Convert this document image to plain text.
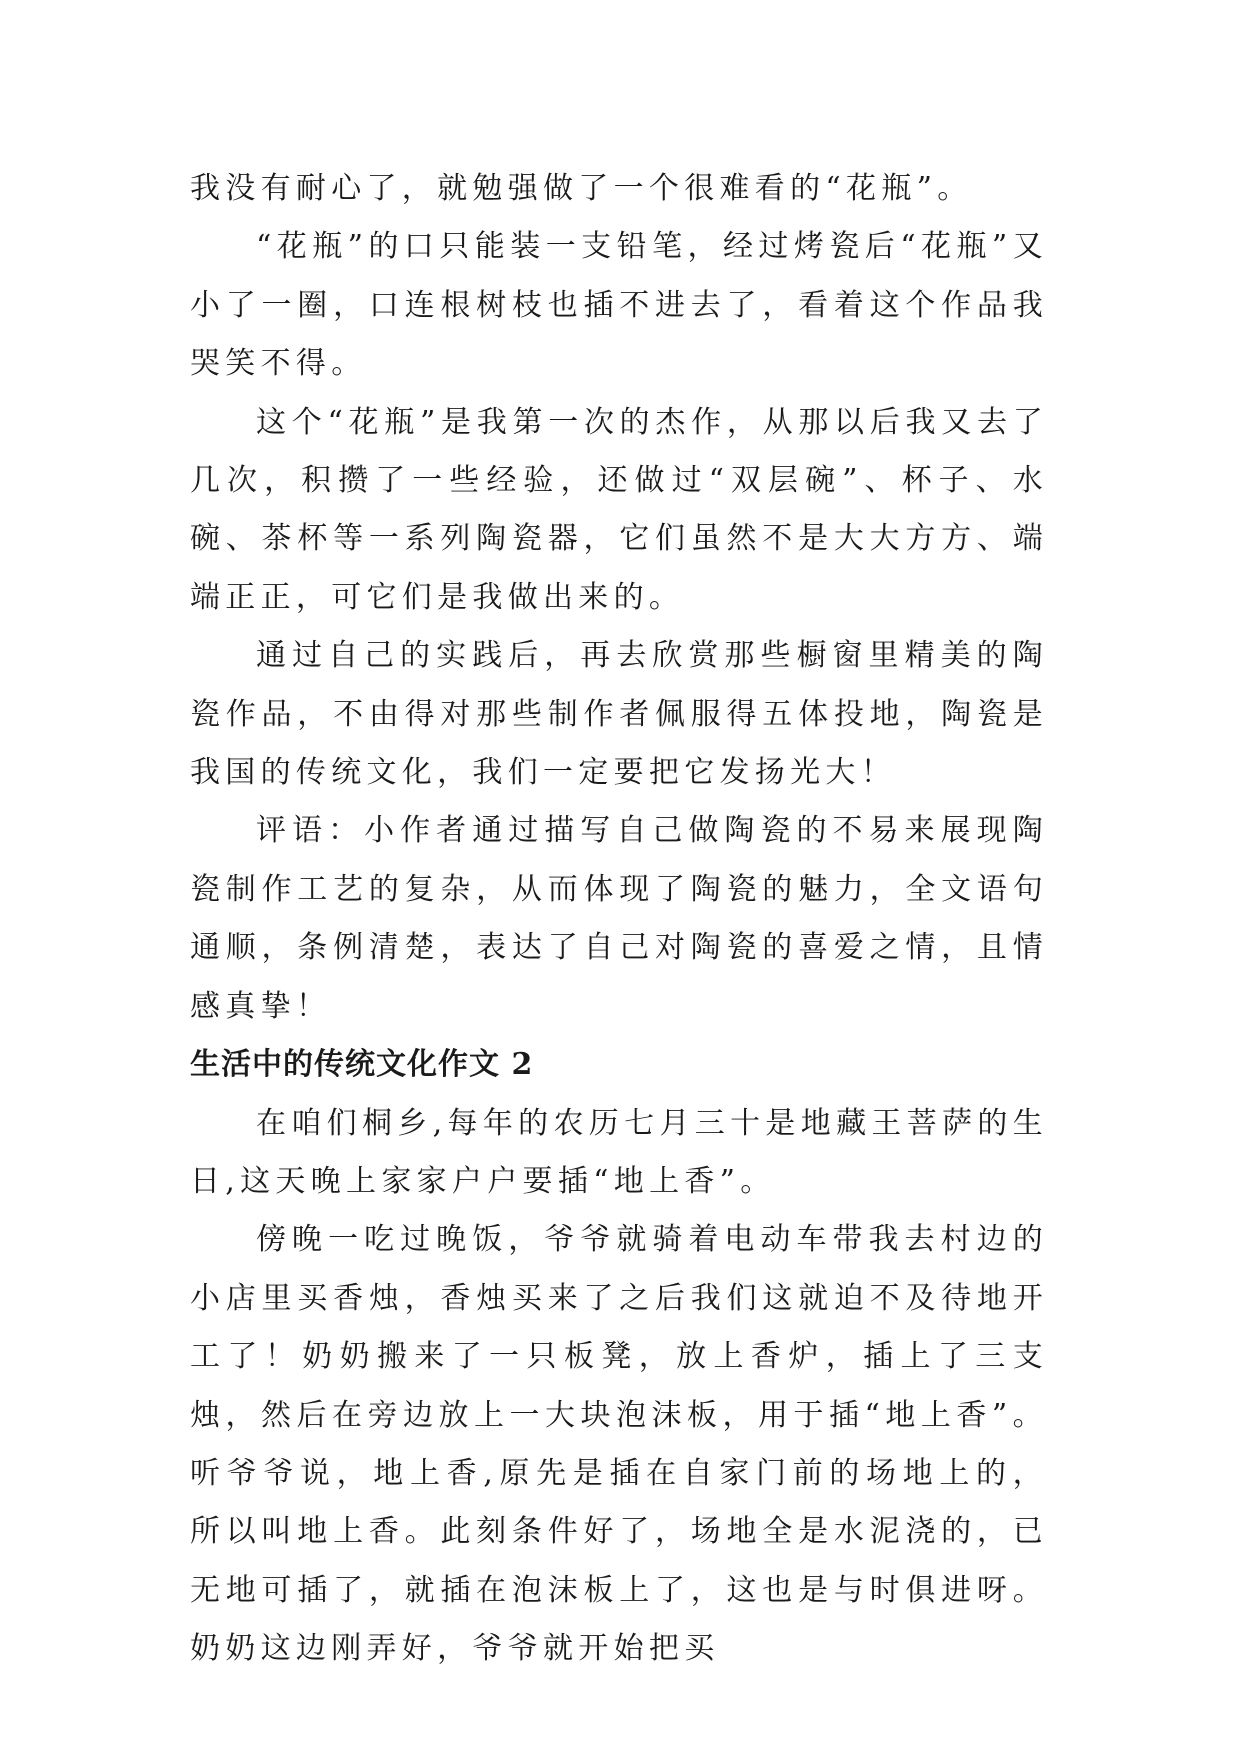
我没有耐心了，就勉强做了一个很难看的“花瓶”。

“花瓶”的口只能装一支铅笔，经过烤瓷后“花瓶”又小了一圈，口连根树枝也插不进去了，看着这个作品我哭笑不得。

这个“花瓶”是我第一次的杰作，从那以后我又去了几次，积攒了一些经验，还做过“双层碗”、杯子、水碗、茶杯等一系列陶瓷器，它们虽然不是大大方方、端端正正，可它们是我做出来的。

通过自己的实践后，再去欣赏那些橱窗里精美的陶瓷作品，不由得对那些制作者佩服得五体投地，陶瓷是我国的传统文化，我们一定要把它发扬光大！

评语：小作者通过描写自己做陶瓷的不易来展现陶瓷制作工艺的复杂，从而体现了陶瓷的魅力，全文语句通顺，条例清楚，表达了自己对陶瓷的喜爱之情，且情感真挚！

生活中的传统文化作文 2

在咱们桐乡,每年的农历七月三十是地藏王菩萨的生日,这天晚上家家户户要插“地上香”。

傍晚一吃过晚饭，爷爷就骑着电动车带我去村边的小店里买香烛，香烛买来了之后我们这就迫不及待地开工了！奶奶搬来了一只板凳，放上香炉，插上了三支烛，然后在旁边放上一大块泡沫板，用于插“地上香”。听爷爷说，地上香,原先是插在自家门前的场地上的，所以叫地上香。此刻条件好了，场地全是水泥浇的，已无地可插了，就插在泡沫板上了，这也是与时俱进呀。奶奶这边刚弄好，爷爷就开始把买
